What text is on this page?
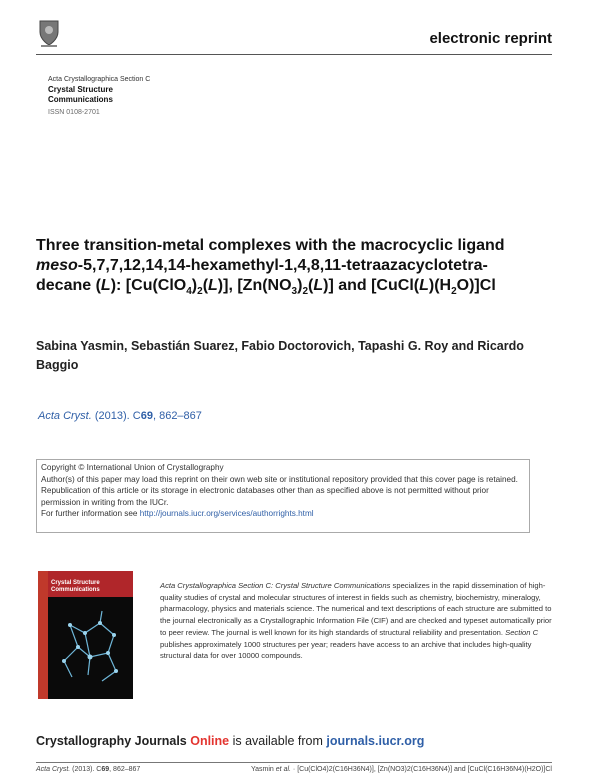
electronic reprint
Acta Crystallographica Section C
Crystal Structure
Communications
ISSN 0108-2701
Three transition-metal complexes with the macrocyclic ligand meso-5,7,7,12,14,14-hexamethyl-1,4,8,11-tetraazacyclotetra-decane (L): $[Cu(ClO_4)_2(L)]$, $[Zn(NO_3)_2(L)]$ and $[CuCl(L)(H_2O)]Cl$
Sabina Yasmin, Sebastián Suarez, Fabio Doctorovich, Tapashi G. Roy and Ricardo Baggio
Acta Cryst. (2013). C69, 862–867
Copyright © International Union of Crystallography
Author(s) of this paper may load this reprint on their own web site or institutional repository provided that this cover page is retained. Republication of this article or its storage in electronic databases other than as specified above is not permitted without prior permission in writing from the IUCr.
For further information see http://journals.iucr.org/services/authorrights.html
Crystal Structure Communications	Acta Crystallographica Section C: Crystal Structure Communications specializes in the rapid dissemination of high-quality studies of crystal and molecular structures of interest in fields such as chemistry, biochemistry, mineralogy, pharmacology, physics and materials science. The numerical and text descriptions of each structure are submitted to the journal electronically as a Crystallographic Information File (CIF) and are checked and typeset automatically prior to peer review. The journal is well known for its high standards of structural reliability and presentation. Section C publishes approximately 1000 structures per year; readers have access to an archive that includes high-quality structural data for over 10000 compounds.
Crystallography Journals Online is available from journals.iucr.org
Acta Cryst. (2013). C69, 862–867	Yasmin et al. · [Cu(ClO4)2(C16H36N4)], [Zn(NO3)2(C16H36N4)] and [CuCl(C16H36N4)(H2O)]Cl
